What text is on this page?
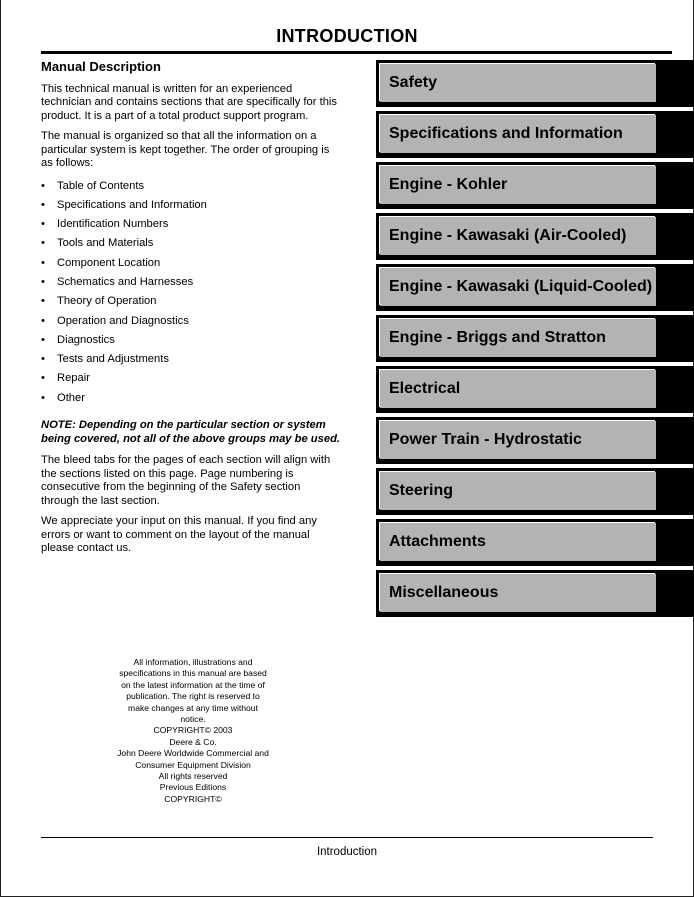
INTRODUCTION
Manual Description

This technical manual is written for an experienced technician and contains sections that are specifically for this product. It is a part of a total product support program.

The manual is organized so that all the information on a particular system is kept together. The order of grouping is as follows:

•	Table of Contents
•	Specifications and Information
•	Identification Numbers
•	Tools and Materials
•	Component Location
•	Schematics and Harnesses
•	Theory of Operation
•	Operation and Diagnostics
•	Diagnostics
•	Tests and Adjustments
•	Repair
•	Other

NOTE: Depending on the particular section or system being covered, not all of the above groups may be used.

The bleed tabs for the pages of each section will align with the sections listed on this page. Page numbering is consecutive from the beginning of the Safety section through the last section.

We appreciate your input on this manual. If you find any errors or want to comment on the layout of the manual please contact us.

Safety
Specifications and Information
Engine - Kohler
Engine - Kawasaki (Air-Cooled)
Engine - Kawasaki (Liquid-Cooled)
Engine - Briggs and Stratton
Electrical
Power Train - Hydrostatic
Steering
Attachments
Miscellaneous
All information, illustrations and
specifications in this manual are based
on the latest information at the time of
publication. The right is reserved to
make changes at any time without
notice.
COPYRIGHT© 2003
Deere & Co.
John Deere Worldwide Commercial and
Consumer Equipment Division
All rights reserved
Previous Editions
COPYRIGHT©
Introduction
